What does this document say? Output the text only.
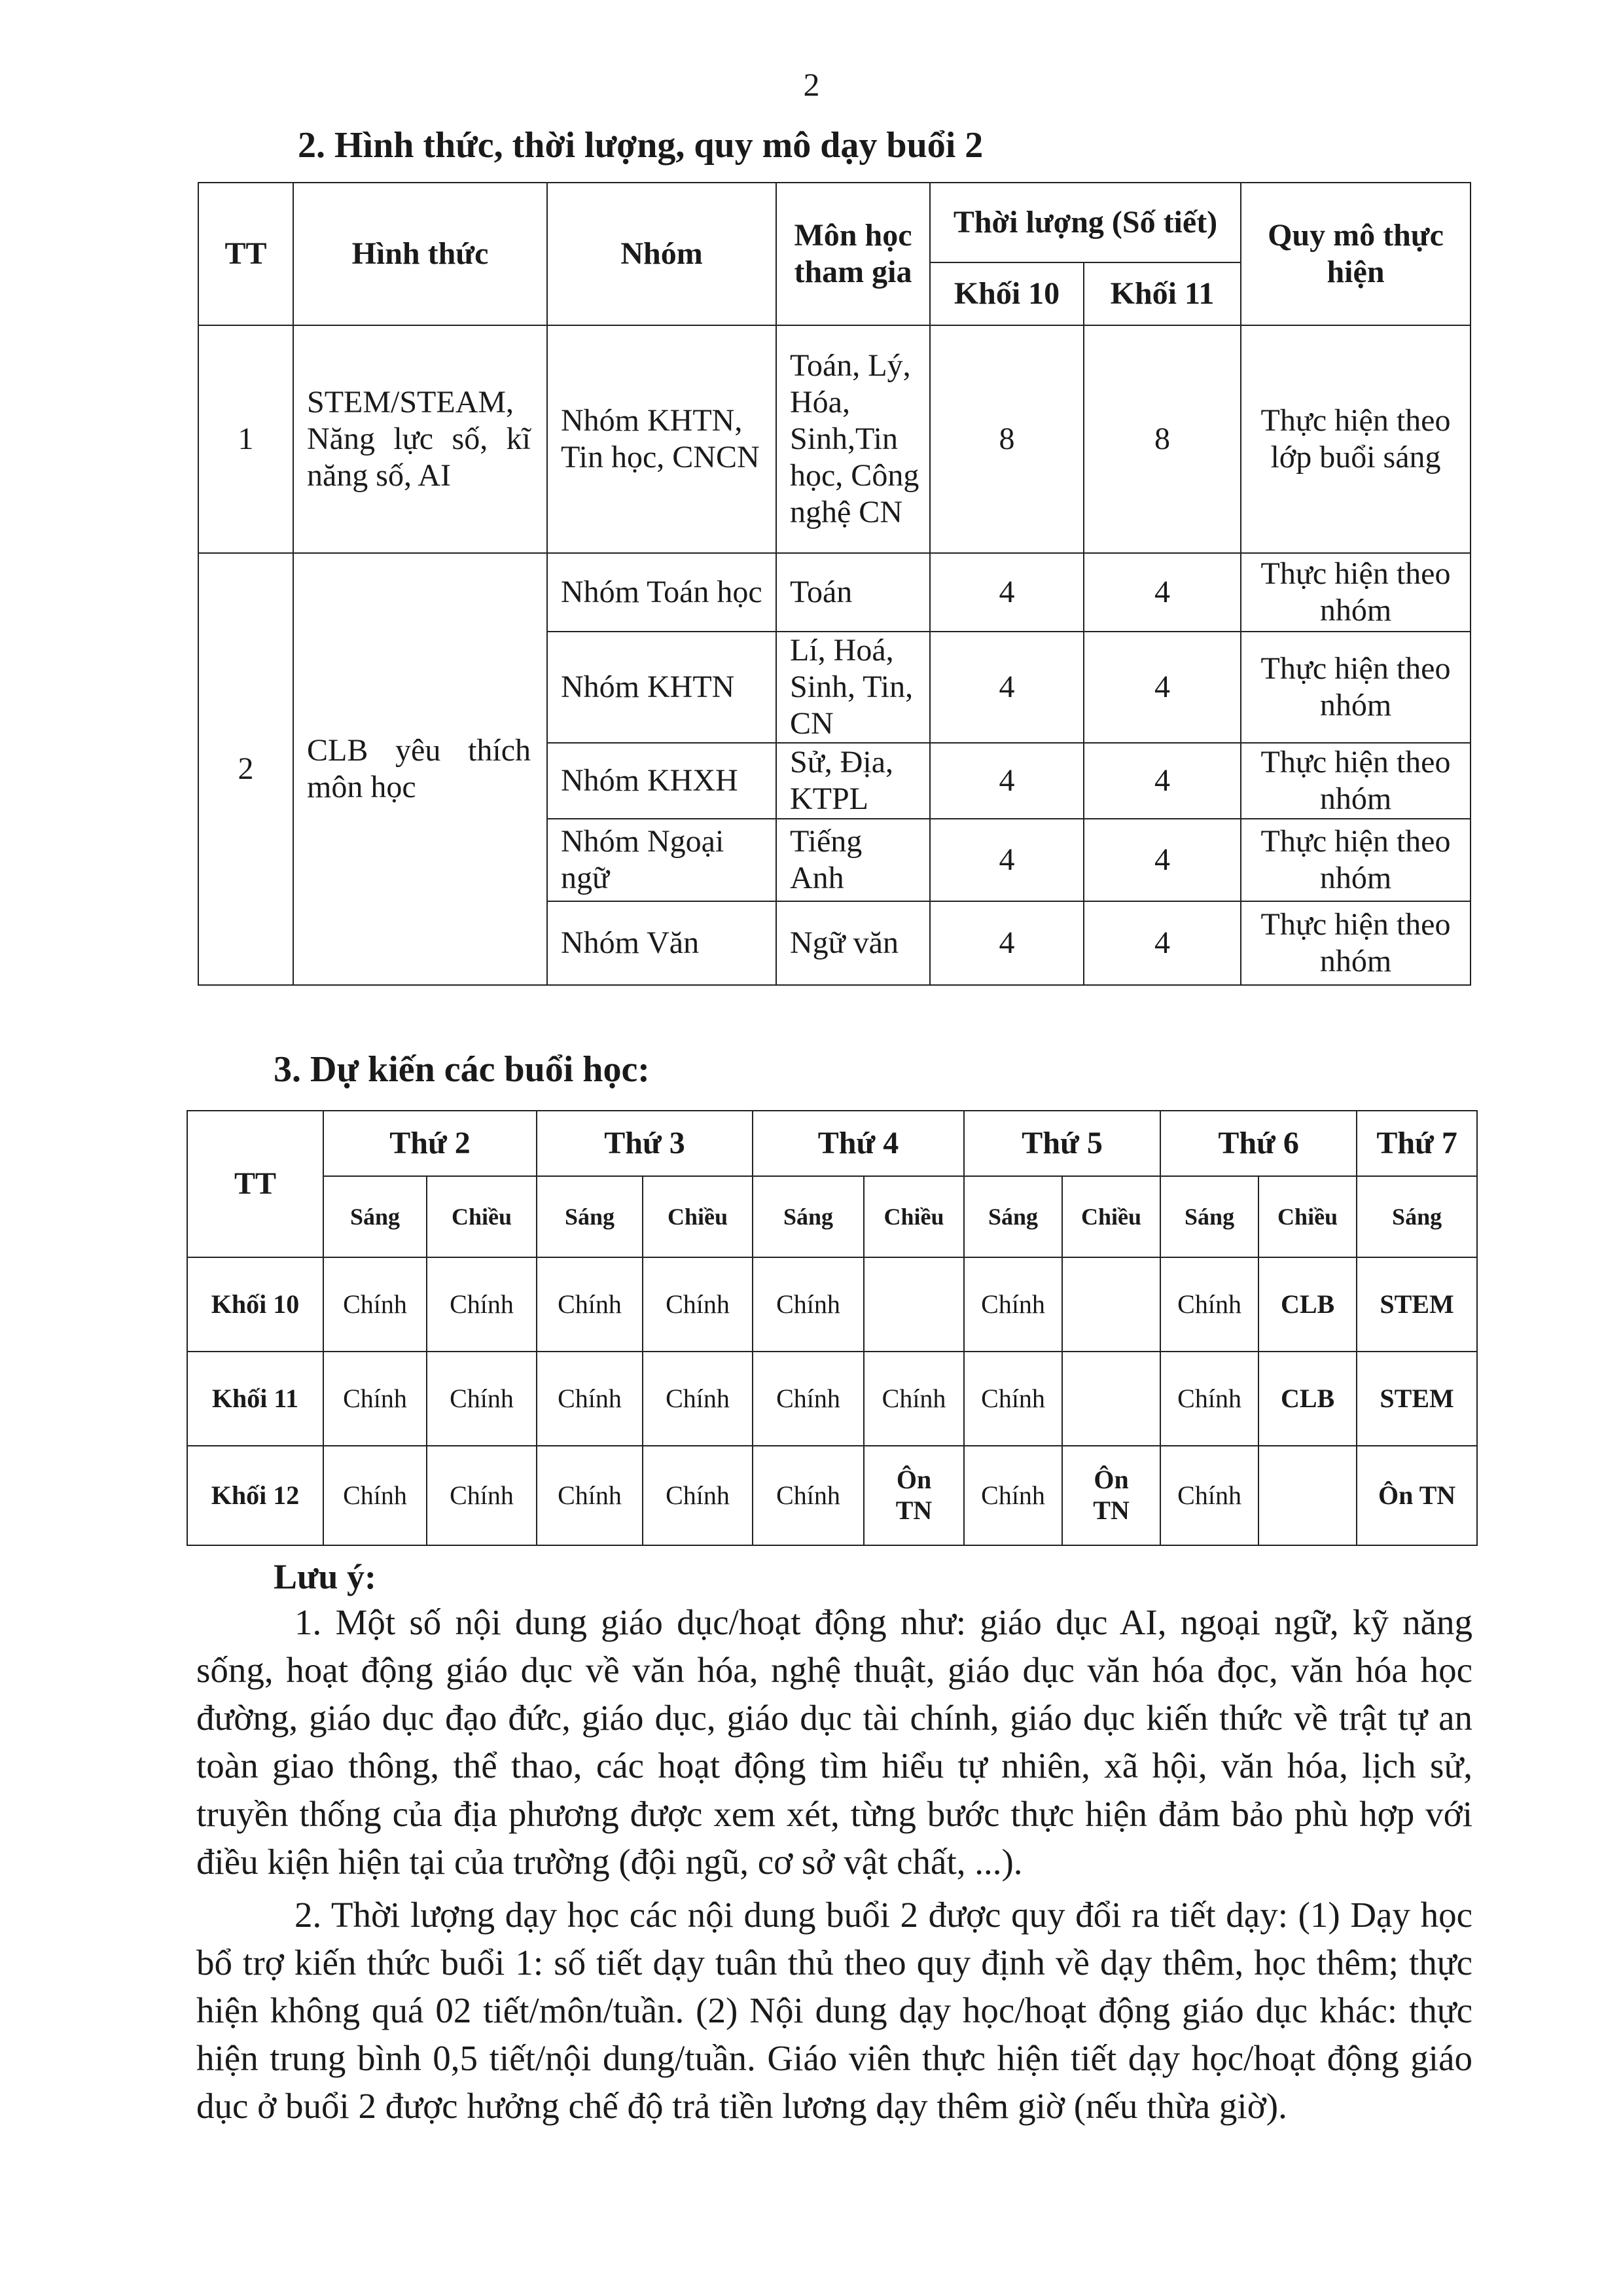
2
2. Hình thức, thời lượng, quy mô dạy buổi 2
TT	Hình thức	Nhóm	Môn học tham gia	Thời lượng (Số tiết)		Quy mô thực hiện
				Khối 10	Khối 11	
1	STEM/STEAM, Năng lực số, kĩ năng số, AI	Nhóm KHTN, Tin học, CNCN	Toán, Lý, Hóa, Sinh,Tin học, Công nghệ CN	8	8	Thực hiện theo lớp buổi sáng
2	CLB yêu thích môn học	Nhóm Toán học	Toán	4	4	Thực hiện theo nhóm
		Nhóm KHTN	Lí, Hoá, Sinh, Tin, CN	4	4	Thực hiện theo nhóm
		Nhóm KHXH	Sử, Địa, KTPL	4	4	Thực hiện theo nhóm
		Nhóm Ngoại ngữ	Tiếng Anh	4	4	Thực hiện theo nhóm
		Nhóm Văn	Ngữ văn	4	4	Thực hiện theo nhóm
3. Dự kiến các buổi học:
TT	Thứ 2		Thứ 3		Thứ 4		Thứ 5		Thứ 6		Thứ 7
	Sáng	Chiều	Sáng	Chiều	Sáng	Chiều	Sáng	Chiều	Sáng	Chiều	Sáng
Khối 10	Chính	Chính	Chính	Chính	Chính		Chính		Chính	CLB	STEM
Khối 11	Chính	Chính	Chính	Chính	Chính	Chính	Chính		Chính	CLB	STEM
Khối 12	Chính	Chính	Chính	Chính	Chính	Ôn TN	Chính	Ôn TN	Chính		Ôn TN
Lưu ý:

1. Một số nội dung giáo dục/hoạt động như: giáo dục AI, ngoại ngữ, kỹ năng sống, hoạt động giáo dục về văn hóa, nghệ thuật, giáo dục văn hóa đọc, văn hóa học đường, giáo dục đạo đức, giáo dục, giáo dục tài chính, giáo dục kiến thức về trật tự an toàn giao thông, thể thao, các hoạt động tìm hiểu tự nhiên, xã hội, văn hóa, lịch sử, truyền thống của địa phương được xem xét, từng bước thực hiện đảm bảo phù hợp với điều kiện hiện tại của trường (đội ngũ, cơ sở vật chất, ...).

2. Thời lượng dạy học các nội dung buổi 2 được quy đổi ra tiết dạy: (1) Dạy học bổ trợ kiến thức buổi 1: số tiết dạy tuân thủ theo quy định về dạy thêm, học thêm; thực hiện không quá 02 tiết/môn/tuần. (2) Nội dung dạy học/hoạt động giáo dục khác: thực hiện trung bình 0,5 tiết/nội dung/tuần. Giáo viên thực hiện tiết dạy học/hoạt động giáo dục ở buổi 2 được hưởng chế độ trả tiền lương dạy thêm giờ (nếu thừa giờ).
